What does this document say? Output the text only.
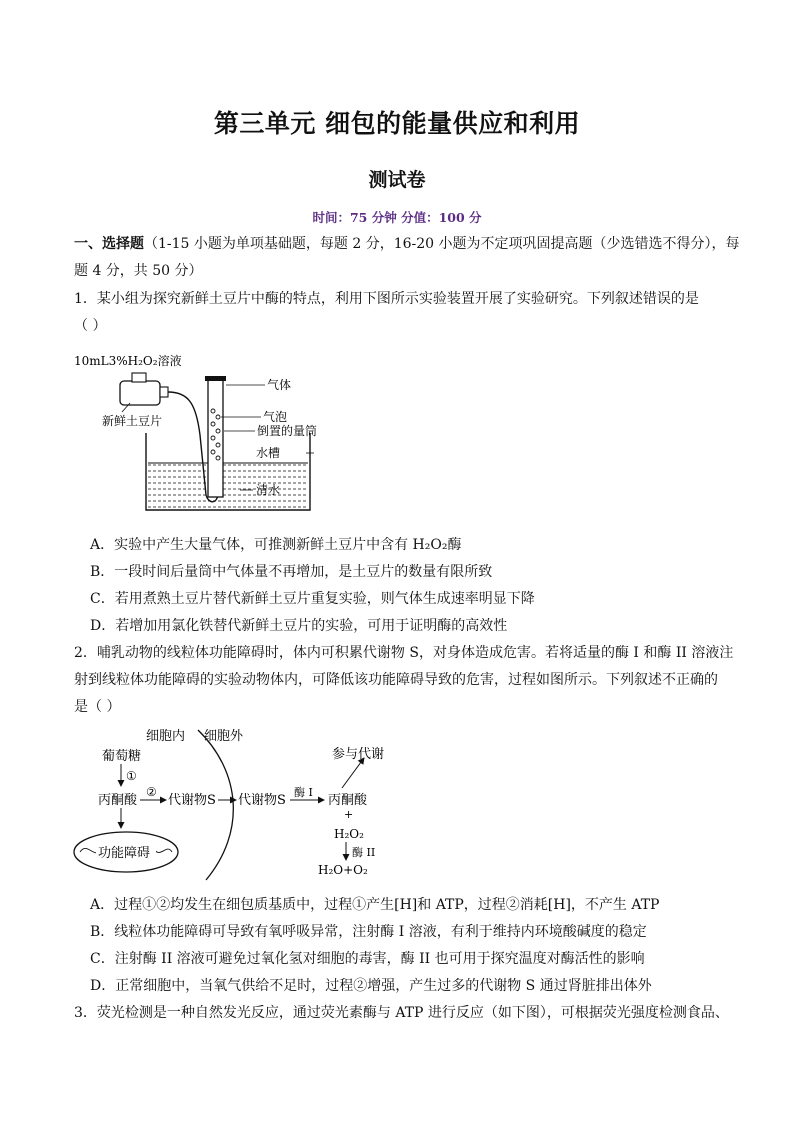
第三单元 细包的能量供应和利用
测试卷
时间：75 分钟 分值：100 分
一、选择题（1-15 小题为单项基础题，每题 2 分，16-20 小题为不定项巩固提高题（少选错选不得分），每
题 4 分，共 50 分）
1．某小组为探究新鲜土豆片中酶的特点，利用下图所示实验装置开展了实验研究。下列叙述错误的是
（ ）
10mL3%H₂O₂溶液
新鲜土豆片
气体
气泡
倒置的量筒
水槽
清水
A．实验中产生大量气体，可推测新鲜土豆片中含有 H₂O₂酶
B．一段时间后量筒中气体量不再增加，是土豆片的数量有限所致
C．若用煮熟土豆片替代新鲜土豆片重复实验，则气体生成速率明显下降
D．若增加用氯化铁替代新鲜土豆片的实验，可用于证明酶的高效性
2．哺乳动物的线粒体功能障碍时，体内可积累代谢物 S，对身体造成危害。若将适量的酶 I 和酶 II 溶液注
射到线粒体功能障碍的实验动物体内，可降低该功能障碍导致的危害，过程如图所示。下列叙述不正确的
是（ ）
细胞内 细胞外
葡萄糖
①
丙酮酸
②
代谢物S 代谢物S
酶 I
丙酮酸
参与代谢
+
H₂O₂
酶 II
H₂O+O₂
功能障碍
A．过程①②均发生在细包质基质中，过程①产生[H]和 ATP，过程②消耗[H]，不产生 ATP
B．线粒体功能障碍可导致有氧呼吸异常，注射酶 I 溶液，有利于维持内环境酸碱度的稳定
C．注射酶 II 溶液可避免过氧化氢对细胞的毒害，酶 II 也可用于探究温度对酶活性的影响
D．正常细胞中，当氧气供给不足时，过程②增强，产生过多的代谢物 S 通过肾脏排出体外
3．荧光检测是一种自然发光反应，通过荧光素酶与 ATP 进行反应（如下图），可根据荧光强度检测食品、
